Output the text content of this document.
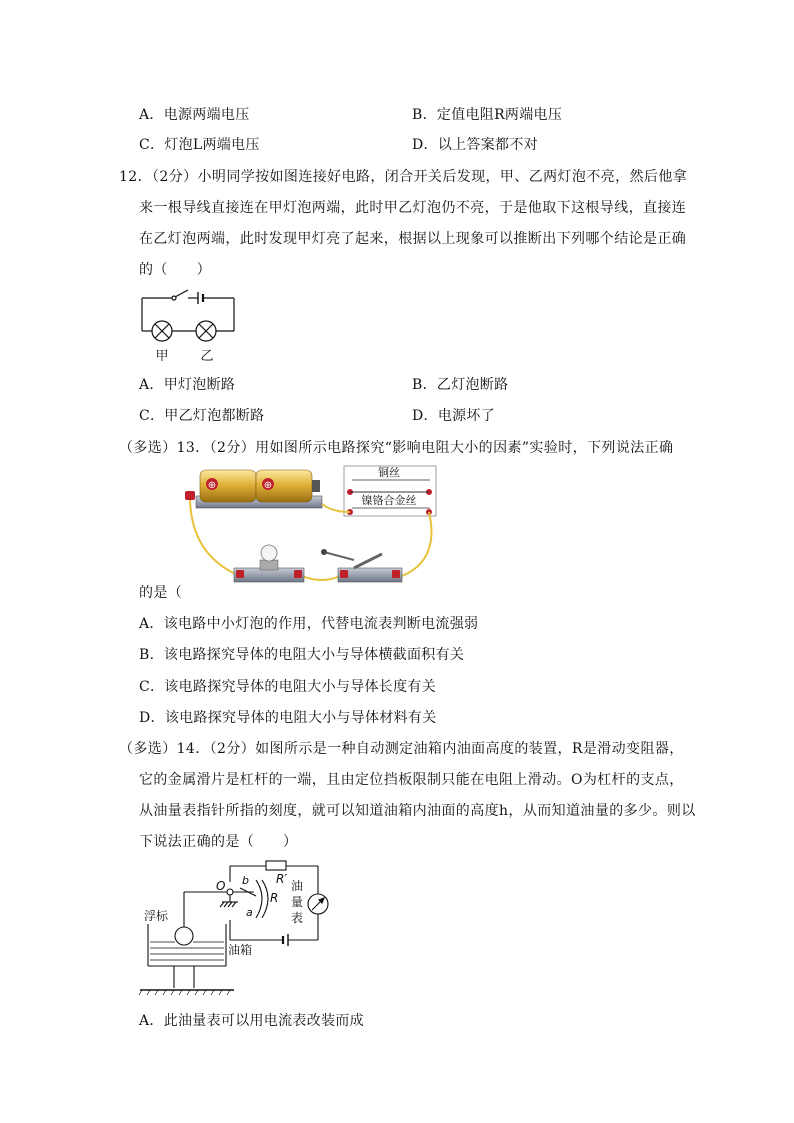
A．电源两端电压	B．定值电阻R两端电压
C．灯泡L两端电压	D．以上答案都不对
12．（2分）小明同学按如图连接好电路，闭合开关后发现，甲、乙两灯泡不亮，然后他拿
来一根导线直接连在甲灯泡两端，此时甲乙灯泡仍不亮，于是他取下这根导线，直接连
在乙灯泡两端，此时发现甲灯亮了起来，根据以上现象可以推断出下列哪个结论是正确
的（　　）
甲 乙
A．甲灯泡断路	B．乙灯泡断路
C．甲乙灯泡都断路	D．电源坏了
（多选）13．（2分）用如图所示电路探究“影响电阻大小的因素”实验时，下列说法正确
⊕	⊕
铜丝
镍铬合金丝
的是（
A．该电路中小灯泡的作用，代替电流表判断电流强弱
B．该电路探究导体的电阻大小与导体横截面积有关
C．该电路探究导体的电阻大小与导体长度有关
D．该电路探究导体的电阻大小与导体材料有关
（多选）14．（2分）如图所示是一种自动测定油箱内油面高度的装置，R是滑动变阻器，
它的金属滑片是杠杆的一端，且由定位挡板限制只能在电阻上滑动。O为杠杆的支点，
从油量表指针所指的刻度，就可以知道油箱内油面的高度h，从而知道油量的多少。则以
下说法正确的是（　　）
O b
a
R
R′
浮标
油箱
油
量
表
A．此油量表可以用电流表改装而成
